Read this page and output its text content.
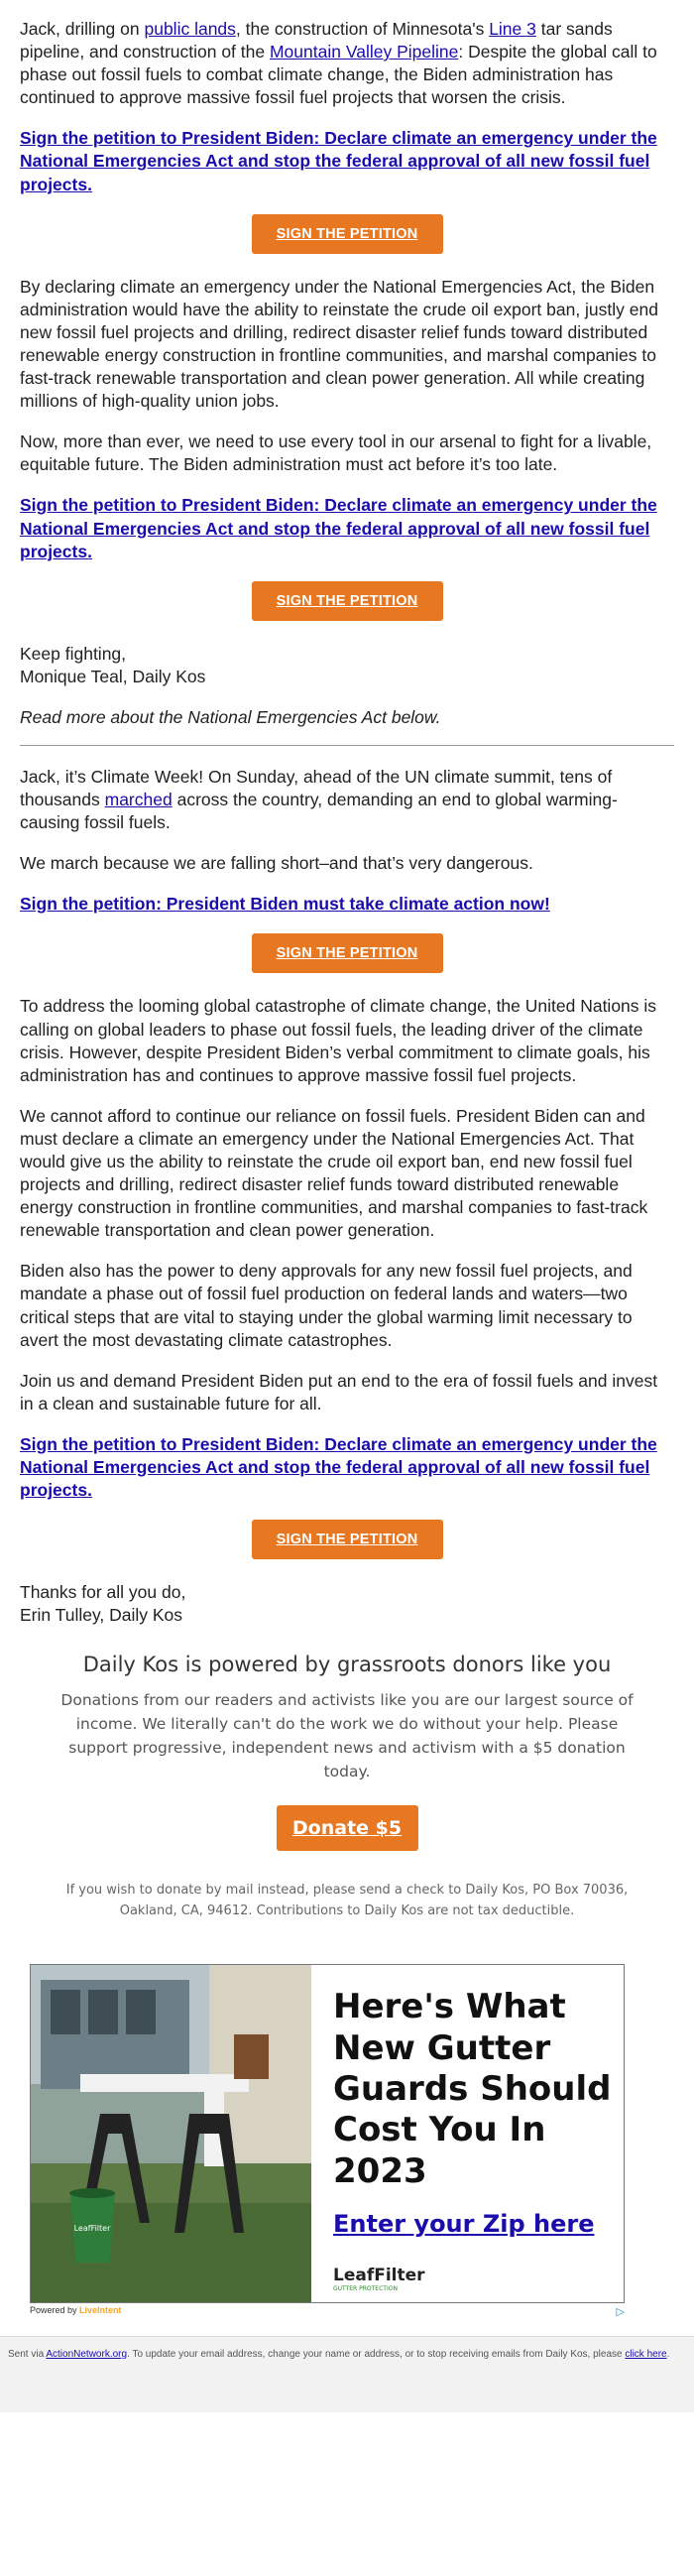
Jack, drilling on public lands, the construction of Minnesota's Line 3 tar sands pipeline, and construction of the Mountain Valley Pipeline: Despite the global call to phase out fossil fuels to combat climate change, the Biden administration has continued to approve massive fossil fuel projects that worsen the crisis.

Sign the petition to President Biden: Declare climate an emergency under the National Emergencies Act and stop the federal approval of all new fossil fuel projects.

SIGN THE PETITION

By declaring climate an emergency under the National Emergencies Act, the Biden administration would have the ability to reinstate the crude oil export ban, justly end new fossil fuel projects and drilling, redirect disaster relief funds toward distributed renewable energy construction in frontline communities, and marshal companies to fast-track renewable transportation and clean power generation. All while creating millions of high-quality union jobs.

Now, more than ever, we need to use every tool in our arsenal to fight for a livable, equitable future. The Biden administration must act before it’s too late.

Sign the petition to President Biden: Declare climate an emergency under the National Emergencies Act and stop the federal approval of all new fossil fuel projects.

SIGN THE PETITION

Keep fighting,
Monique Teal, Daily Kos

Read more about the National Emergencies Act below.

Jack, it’s Climate Week! On Sunday, ahead of the UN climate summit, tens of thousands marched across the country, demanding an end to global warming-causing fossil fuels.

We march because we are falling short–and that’s very dangerous.

Sign the petition: President Biden must take climate action now!

SIGN THE PETITION

To address the looming global catastrophe of climate change, the United Nations is calling on global leaders to phase out fossil fuels, the leading driver of the climate crisis. However, despite President Biden’s verbal commitment to climate goals, his administration has and continues to approve massive fossil fuel projects.

We cannot afford to continue our reliance on fossil fuels. President Biden can and must declare a climate an emergency under the National Emergencies Act. That would give us the ability to reinstate the crude oil export ban, end new fossil fuel projects and drilling, redirect disaster relief funds toward distributed renewable energy construction in frontline communities, and marshal companies to fast-track renewable transportation and clean power generation.

Biden also has the power to deny approvals for any new fossil fuel projects, and mandate a phase out of fossil fuel production on federal lands and waters—two critical steps that are vital to staying under the global warming limit necessary to avert the most devastating climate catastrophes.

Join us and demand President Biden put an end to the era of fossil fuels and invest in a clean and sustainable future for all.

Sign the petition to President Biden: Declare climate an emergency under the National Emergencies Act and stop the federal approval of all new fossil fuel projects.

SIGN THE PETITION

Thanks for all you do,
Erin Tulley, Daily Kos

Daily Kos is powered by grassroots donors like you
Donations from our readers and activists like you are our largest source of income. We literally can't do the work we do without your help. Please support progressive, independent news and activism with a $5 donation today.
Donate $5
If you wish to donate by mail instead, please send a check to Daily Kos, PO Box 70036, Oakland, CA, 94612. Contributions to Daily Kos are not tax deductible.
LeafFilter
Here's What New Gutter Guards Should Cost You In 2023
Enter your Zip here
LeafFilter
GUTTER PROTECTION
Powered by LiveIntent	▷
Sent via ActionNetwork.org. To update your email address, change your name or address, or to stop receiving emails from Daily Kos, please click here.
